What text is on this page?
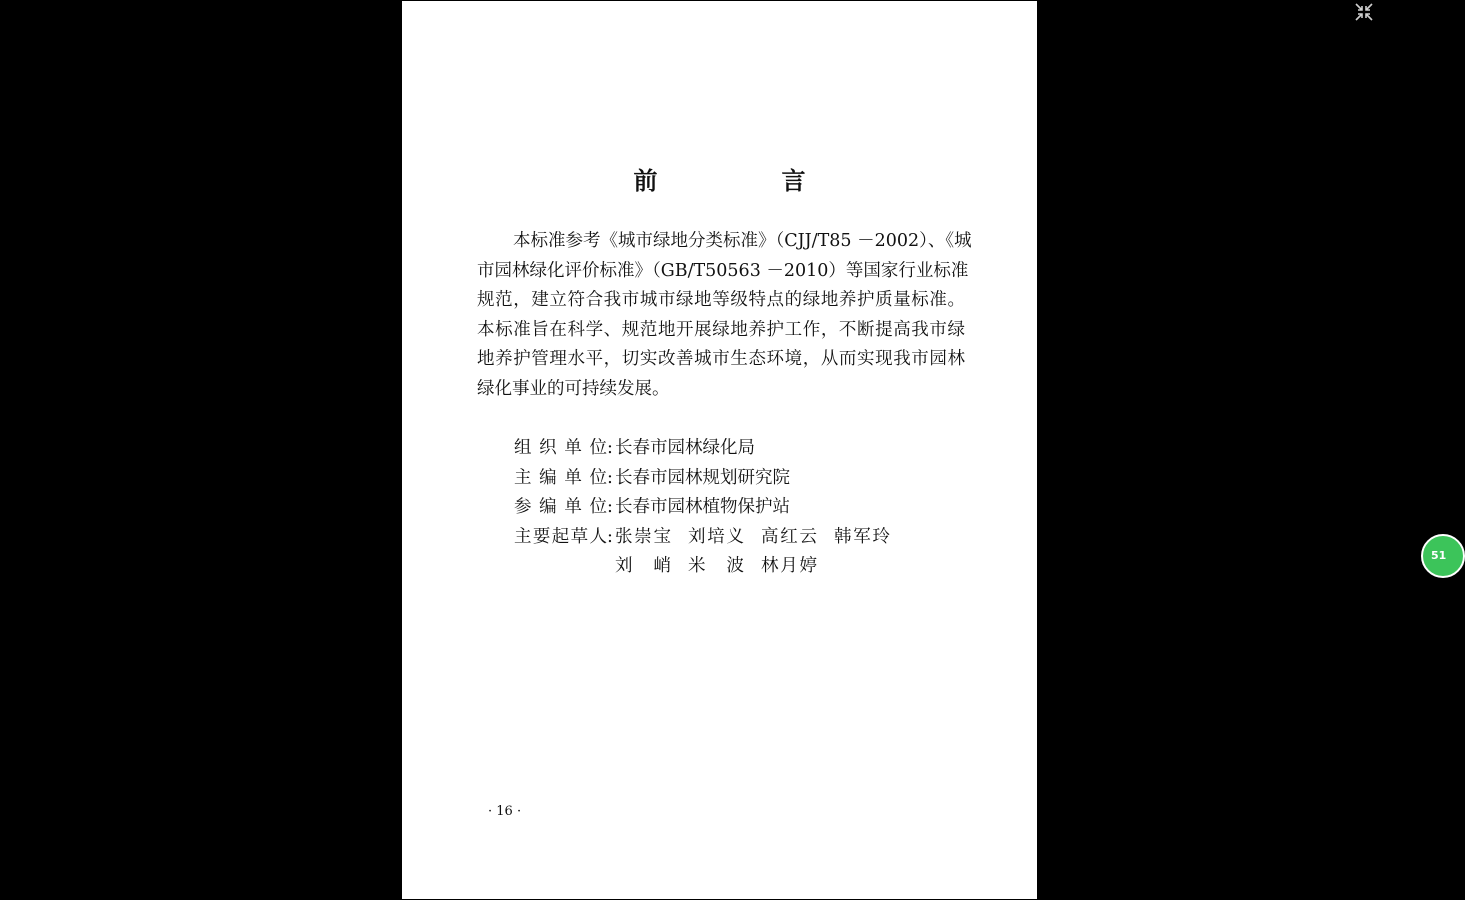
前　言
本标准参考《城市绿地分类标准》（CJJ/T85 －2002）、《城
市园林绿化评价标准》（GB/T50563 －2010）等国家行业标准
规范，建立符合我市城市绿地等级特点的绿地养护质量标准。
本标准旨在科学、规范地开展绿地养护工作，不断提高我市绿
地养护管理水平，切实改善城市生态环境，从而实现我市园林
绿化事业的可持续发展。
组织单位: 长春市园林绿化局
主编单位: 长春市园林规划研究院
参编单位: 长春市园林植物保护站
主要起草人: 张崇宝 刘培义 高红云 韩军玲
刘　峭 米　波 林月婷
· 16 ·
51
